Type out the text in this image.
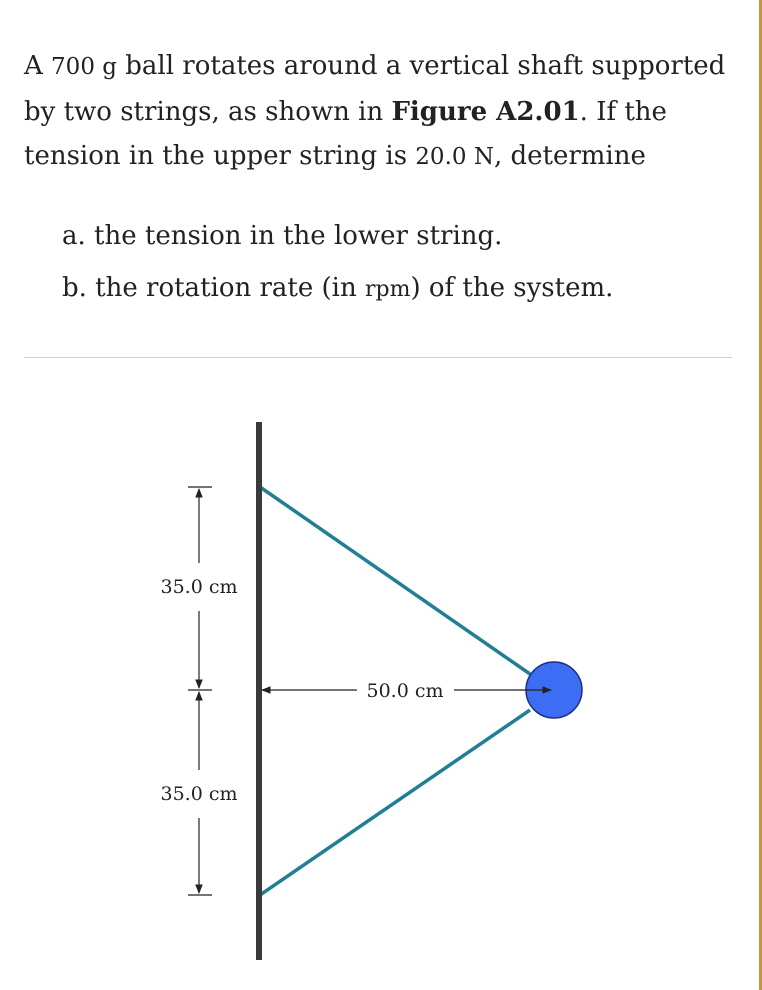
A 700 g ball rotates around a vertical shaft supported by two strings, as shown in Figure A2.01. If the tension in the upper string is 20.0 N, determine
a. the tension in the lower string.
b. the rotation rate (in rpm) of the system.
50.0 cm
35.0 cm
35.0 cm
